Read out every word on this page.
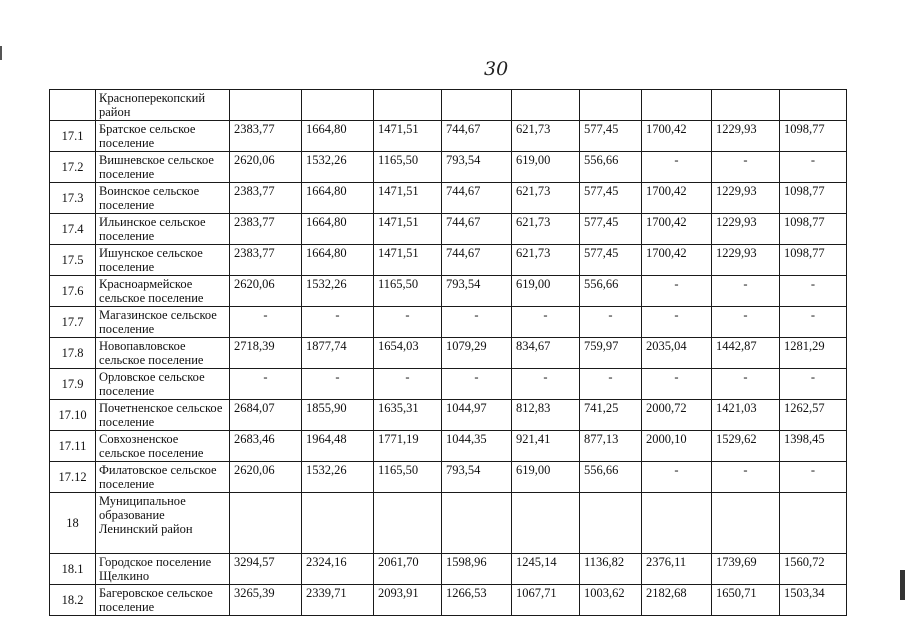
30
	Красноперекопский район									
17.1	Братское сельское поселение	2383,77	1664,80	1471,51	744,67	621,73	577,45	1700,42	1229,93	1098,77
17.2	Вишневское сельское поселение	2620,06	1532,26	1165,50	793,54	619,00	556,66	-	-	-
17.3	Воинское сельское поселение	2383,77	1664,80	1471,51	744,67	621,73	577,45	1700,42	1229,93	1098,77
17.4	Ильинское сельское поселение	2383,77	1664,80	1471,51	744,67	621,73	577,45	1700,42	1229,93	1098,77
17.5	Ишунское сельское поселение	2383,77	1664,80	1471,51	744,67	621,73	577,45	1700,42	1229,93	1098,77
17.6	Красноармейское сельское поселение	2620,06	1532,26	1165,50	793,54	619,00	556,66	-	-	-
17.7	Магазинское сельское поселение	-	-	-	-	-	-	-	-	-
17.8	Новопавловское сельское поселение	2718,39	1877,74	1654,03	1079,29	834,67	759,97	2035,04	1442,87	1281,29
17.9	Орловское сельское поселение	-	-	-	-	-	-	-	-	-
17.10	Почетненское сельское поселение	2684,07	1855,90	1635,31	1044,97	812,83	741,25	2000,72	1421,03	1262,57
17.11	Совхозненское сельское поселение	2683,46	1964,48	1771,19	1044,35	921,41	877,13	2000,10	1529,62	1398,45
17.12	Филатовское сельское поселение	2620,06	1532,26	1165,50	793,54	619,00	556,66	-	-	-
18	Муниципальное образование Ленинский район									
18.1	Городское поселение Щелкино	3294,57	2324,16	2061,70	1598,96	1245,14	1136,82	2376,11	1739,69	1560,72
18.2	Багеровское сельское поселение	3265,39	2339,71	2093,91	1266,53	1067,71	1003,62	2182,68	1650,71	1503,34
